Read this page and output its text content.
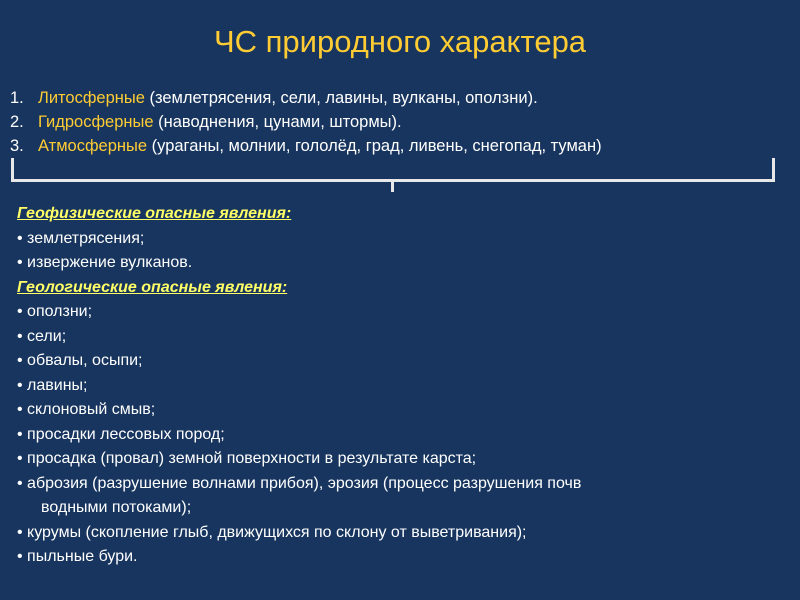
ЧС природного характера
1. Литосферные (землетрясения, сели, лавины, вулканы, оползни).
2. Гидросферные (наводнения, цунами, штормы).
3. Атмосферные (ураганы, молнии, гололёд, град, ливень, снегопад, туман)
Геофизические опасные явления:
• землетрясения;
• извержение вулканов.
Геологические опасные явления:
• оползни;
• сели;
• обвалы, осыпи;
• лавины;
• склоновый смыв;
• просадки лессовых пород;
• просадка (провал) земной поверхности в результате карста;
• аброзия (разрушение волнами прибоя), эрозия (процесс разрушения почв
водными потоками);
• курумы (скопление глыб, движущихся по склону от выветривания);
• пыльные бури.
